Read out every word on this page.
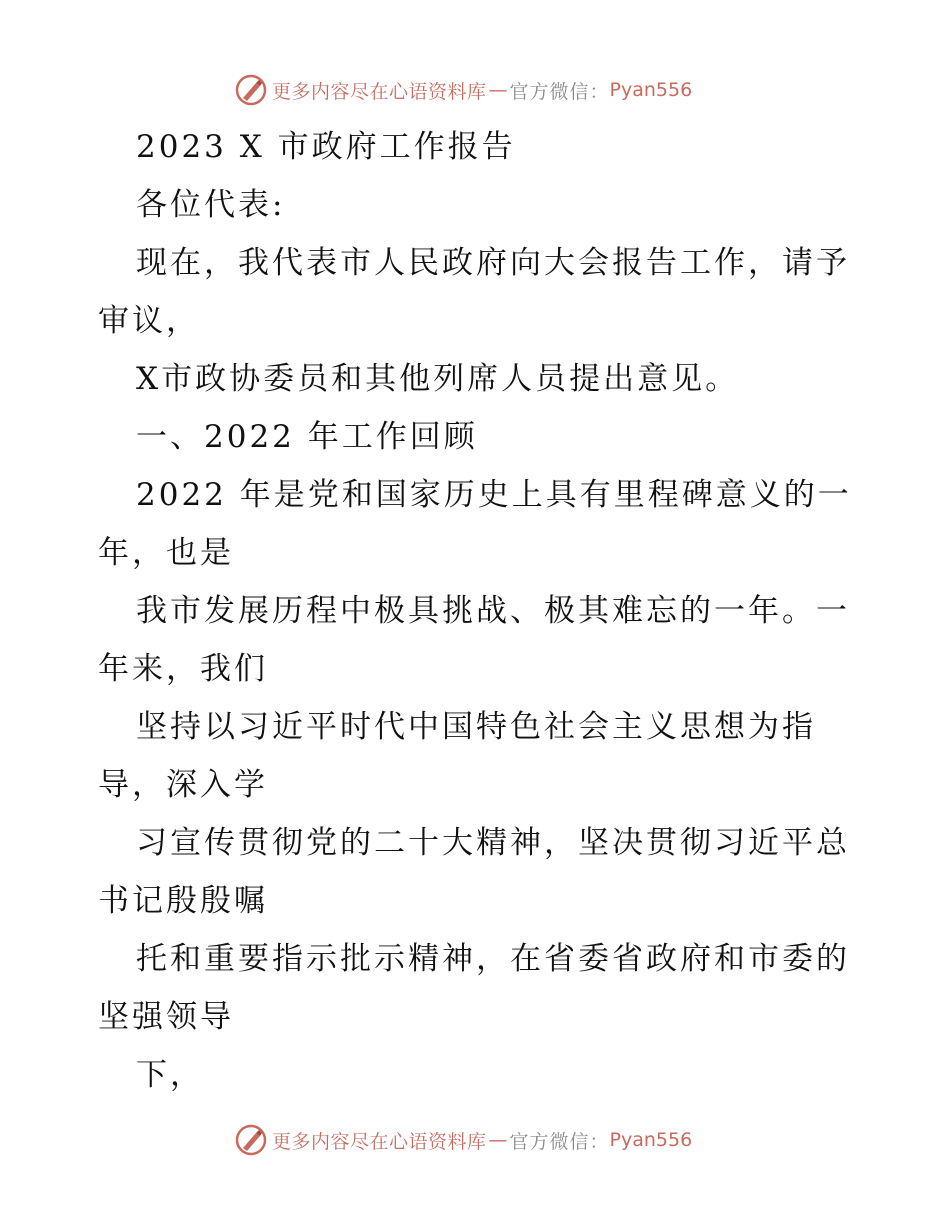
更多内容尽在心语资料库 — 官方微信： Pyan556
2023 X 市政府工作报告
各位代表:
现在，我代表市人民政府向大会报告工作，请予
审议，
X市政协委员和其他列席人员提出意见。
一、2022 年工作回顾
2022 年是党和国家历史上具有里程碑意义的一
年，也是
我市发展历程中极具挑战、极其难忘的一年。一
年来，我们
坚持以习近平时代中国特色社会主义思想为指
导，深入学
习宣传贯彻党的二十大精神，坚决贯彻习近平总
书记殷殷嘱
托和重要指示批示精神，在省委省政府和市委的
坚强领导
下，
更多内容尽在心语资料库 — 官方微信： Pyan556
